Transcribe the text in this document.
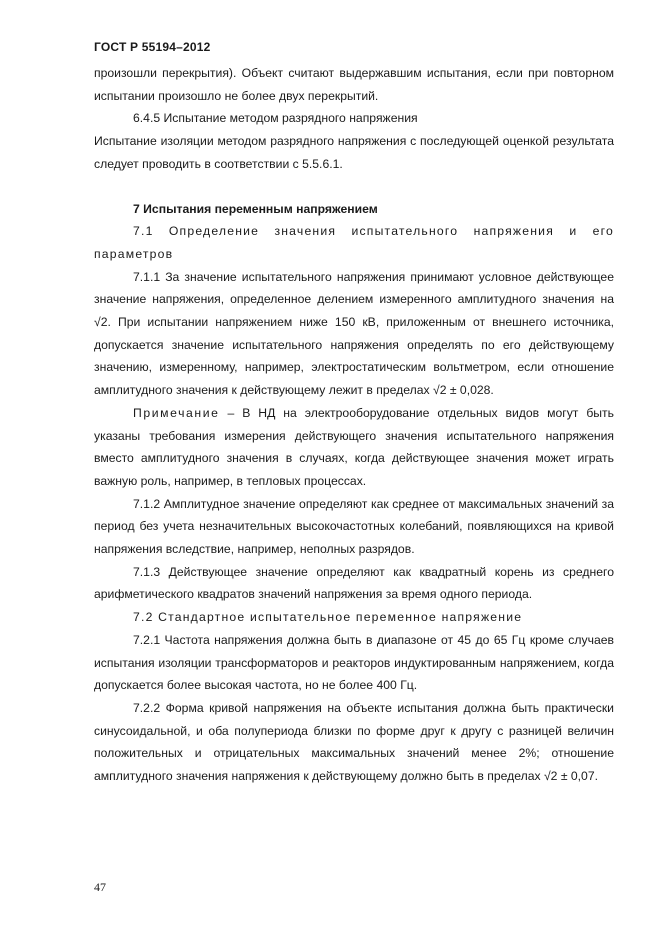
ГОСТ Р 55194–2012

произошли перекрытия). Объект считают выдержавшим испытания, если при повторном испытании произошло не более двух перекрытий.

6.4.5 Испытание методом разрядного напряжения

Испытание изоляции методом разрядного напряжения с последующей оценкой результата следует проводить в соответствии с 5.5.6.1.

7 Испытания переменным напряжением

7.1 Определение значения испытательного напряжения и его параметров

7.1.1 За значение испытательного напряжения принимают условное действующее значение напряжения, определенное делением измеренного амплитудного значения на √2. При испытании напряжением ниже 150 кВ, приложенным от внешнего источника, допускается значение испытательного напряжения определять по его действующему значению, измеренному, например, электростатическим вольтметром, если отношение амплитудного значения к действующему лежит в пределах √2 ± 0,028.

Примечание – В НД на электрооборудование отдельных видов могут быть указаны требования измерения действующего значения испытательного напряжения вместо амплитудного значения в случаях, когда действующее значения может играть важную роль, например, в тепловых процессах.

7.1.2 Амплитудное значение определяют как среднее от максимальных значений за период без учета незначительных высокочастотных колебаний, появляющихся на кривой напряжения вследствие, например, неполных разрядов.

7.1.3 Действующее значение определяют как квадратный корень из среднего арифметического квадратов значений напряжения за время одного периода.

7.2 Стандартное испытательное переменное напряжение

7.2.1 Частота напряжения должна быть в диапазоне от 45 до 65 Гц кроме случаев испытания изоляции трансформаторов и реакторов индуктированным напряжением, когда допускается более высокая частота, но не более 400 Гц.

7.2.2 Форма кривой напряжения на объекте испытания должна быть практически синусоидальной, и оба полупериода близки по форме друг к другу с разницей величин положительных и отрицательных максимальных значений менее 2%; отношение амплитудного значения напряжения к действующему должно быть в пределах √2 ± 0,07.

47
